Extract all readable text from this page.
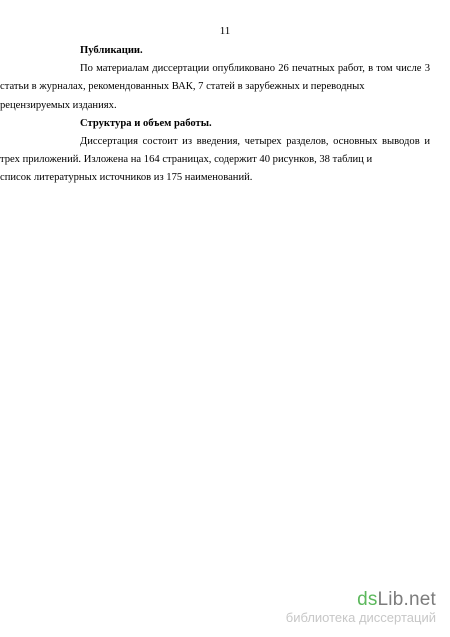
11

Публикации.

По материалам диссертации опубликовано 26 печатных работ, в том числе 3
статьи в журналах, рекомендованных ВАК, 7 статей в зарубежных и переводных
рецензируемых изданиях.

Структура и объем работы.

Диссертация состоит из введения, четырех разделов, основных выводов и
трех приложений. Изложена на 164 страницах, содержит 40 рисунков, 38 таблиц и
список литературных источников из 175 наименований.
dsLib.net
библиотека диссертаций
